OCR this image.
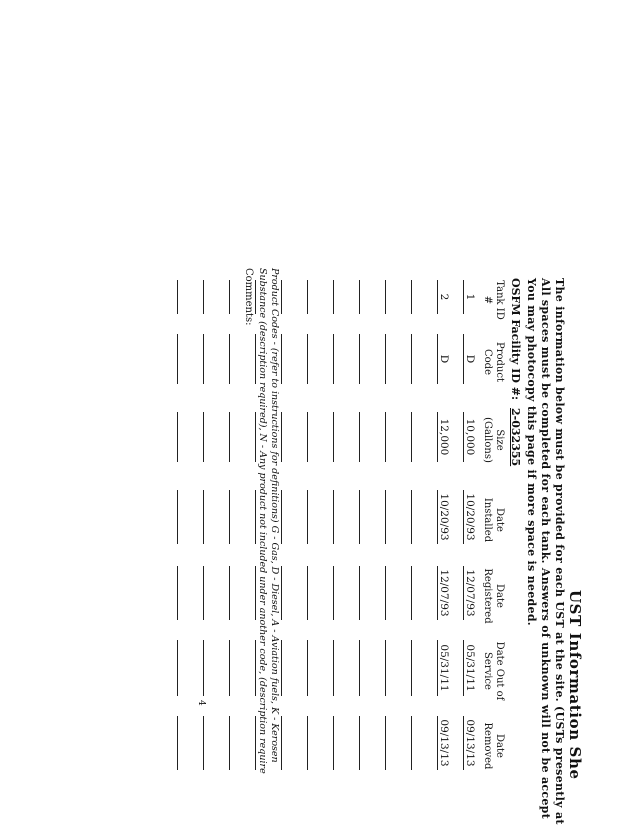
UST Information She
The information below must be provided for each UST at the site. (USTs presently at
All spaces must be completed for each tank. Answers of unknown will not be accept
You may photocopy this page if more space is needed.
OSFM Facility ID #:2-032355
Tank ID #
Product Code
Size (Gallons)
Date Installed
Date Registered
Date Out of Service
Date Removed
1
D
10,000
10/20/93
12/07/93
05/31/11
09/13/13
2
D
12,000
10/20/93
12/07/93
05/31/11
09/13/13
Product Codes - (refer to instructions for definitions) G - Gas, D - Diesel, A - Aviation fuels, K - Kerosen
Substance (description required), N - Any product not included under another code, (description require
Comments:
4
